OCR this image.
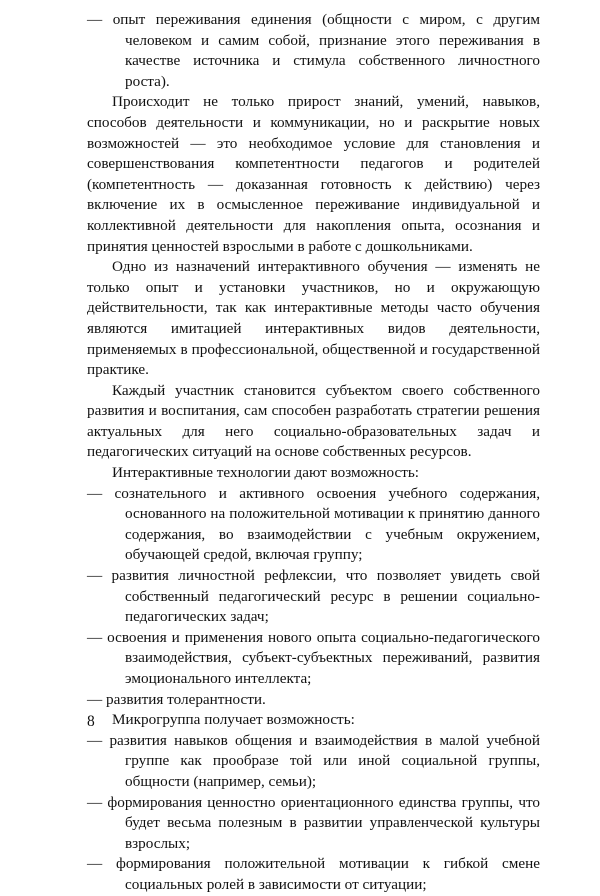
— опыт переживания единения (общности с миром, с другим человеком и самим собой, признание этого переживания в качестве источника и стимула собственного личностного роста).

Происходит не только прирост знаний, умений, навыков, способов деятельности и коммуникации, но и раскрытие новых возможностей — это необходимое условие для становления и совершенствования компетентности педагогов и родителей (компетентность — доказанная готовность к действию) через включение их в осмысленное переживание индивидуальной и коллективной деятельности для накопления опыта, осознания и принятия ценностей взрослыми в работе с дошкольниками.

Одно из назначений интерактивного обучения — изменять не только опыт и установки участников, но и окружающую действительности, так как интерактивные методы часто обучения являются имитацией интерактивных видов деятельности, применяемых в профессиональной, общественной и государственной практике.

Каждый участник становится субъектом своего собственного развития и воспитания, сам способен разработать стратегии решения актуальных для него социально-образовательных задач и педагогических ситуаций на основе собственных ресурсов.

Интерактивные технологии дают возможность:

— сознательного и активного освоения учебного содержания, основанного на положительной мотивации к принятию данного содержания, во взаимодействии с учебным окружением, обучающей средой, включая группу;

— развития личностной рефлексии, что позволяет увидеть свой собственный педагогический ресурс в решении социально-педагогических задач;

— освоения и применения нового опыта социально-педагогического взаимодействия, субъект-субъектных переживаний, развития эмоционального интеллекта;

— развития толерантности.

Микрогруппа получает возможность:

— развития навыков общения и взаимодействия в малой учебной группе как прообразе той или иной социальной группы, общности (например, семьи);

— формирования ценностно ориентационного единства группы, что будет весьма полезным в развитии управленческой культуры взрослых;

— формирования положительной мотивации к гибкой смене социальных ролей в зависимости от ситуации;

8
